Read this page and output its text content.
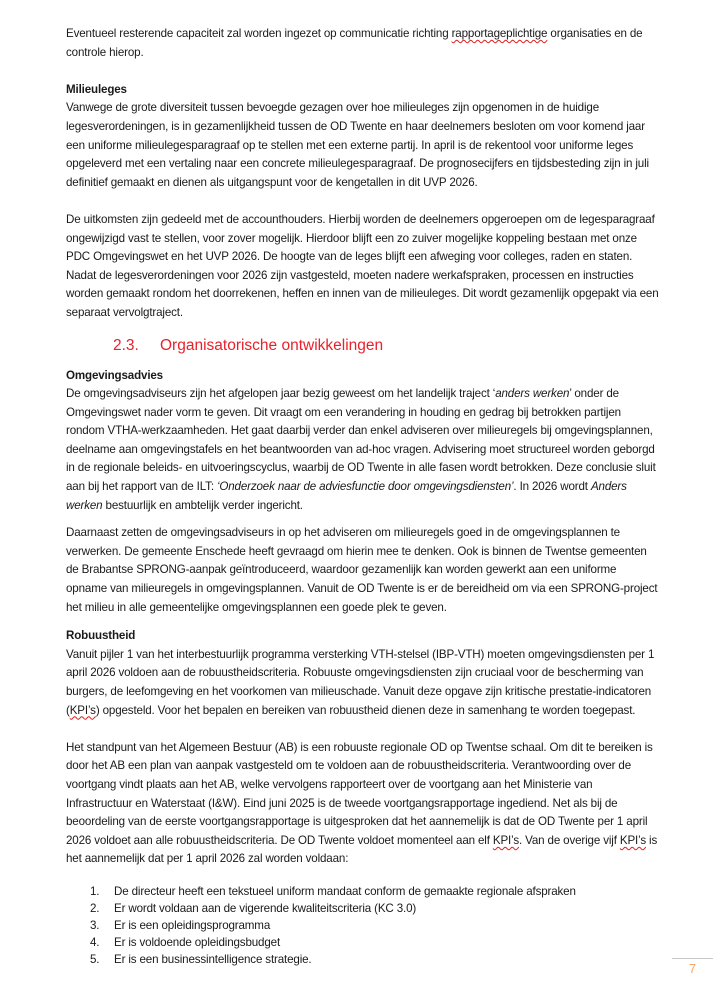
Eventueel resterende capaciteit zal worden ingezet op communicatie richting rapportageplichtige organisaties en de controle hierop.

Milieuleges

Vanwege de grote diversiteit tussen bevoegde gezagen over hoe milieuleges zijn opgenomen in de huidige legesverordeningen, is in gezamenlijkheid tussen de OD Twente en haar deelnemers besloten om voor komend jaar een uniforme milieulegesparagraaf op te stellen met een externe partij. In april is de rekentool voor uniforme leges opgeleverd met een vertaling naar een concrete milieulegesparagraaf. De prognosecijfers en tijdsbesteding zijn in juli definitief gemaakt en dienen als uitgangspunt voor de kengetallen in dit UVP 2026.

De uitkomsten zijn gedeeld met de accounthouders. Hierbij worden de deelnemers opgeroepen om de legesparagraaf ongewijzigd vast te stellen, voor zover mogelijk. Hierdoor blijft een zo zuiver mogelijke koppeling bestaan met onze PDC Omgevingswet en het UVP 2026. De hoogte van de leges blijft een afweging voor colleges, raden en staten. Nadat de legesverordeningen voor 2026 zijn vastgesteld, moeten nadere werkafspraken, processen en instructies worden gemaakt rondom het doorrekenen, heffen en innen van de milieuleges. Dit wordt gezamenlijk opgepakt via een separaat vervolgtraject.

2.3.	Organisatorische ontwikkelingen

Omgevingsadvies

De omgevingsadviseurs zijn het afgelopen jaar bezig geweest om het landelijk traject ‘anders werken’ onder de Omgevingswet nader vorm te geven. Dit vraagt om een verandering in houding en gedrag bij betrokken partijen rondom VTHA-werkzaamheden. Het gaat daarbij verder dan enkel adviseren over milieuregels bij omgevingsplannen, deelname aan omgevingstafels en het beantwoorden van ad-hoc vragen. Advisering moet structureel worden geborgd in de regionale beleids- en uitvoeringscyclus, waarbij de OD Twente in alle fasen wordt betrokken. Deze conclusie sluit aan bij het rapport van de ILT: ‘Onderzoek naar de adviesfunctie door omgevingsdiensten’. In 2026 wordt Anders werken bestuurlijk en ambtelijk verder ingericht.

Daarnaast zetten de omgevingsadviseurs in op het adviseren om milieuregels goed in de omgevingsplannen te verwerken. De gemeente Enschede heeft gevraagd om hierin mee te denken. Ook is binnen de Twentse gemeenten de Brabantse SPRONG-aanpak geïntroduceerd, waardoor gezamenlijk kan worden gewerkt aan een uniforme opname van milieuregels in omgevingsplannen. Vanuit de OD Twente is er de bereidheid om via een SPRONG-project het milieu in alle gemeentelijke omgevingsplannen een goede plek te geven.

Robuustheid

Vanuit pijler 1 van het interbestuurlijk programma versterking VTH-stelsel (IBP-VTH) moeten omgevingsdiensten per 1 april 2026 voldoen aan de robuustheidscriteria. Robuuste omgevingsdiensten zijn cruciaal voor de bescherming van burgers, de leefomgeving en het voorkomen van milieuschade. Vanuit deze opgave zijn kritische prestatie-indicatoren (KPI’s) opgesteld. Voor het bepalen en bereiken van robuustheid dienen deze in samenhang te worden toegepast.

Het standpunt van het Algemeen Bestuur (AB) is een robuuste regionale OD op Twentse schaal. Om dit te bereiken is door het AB een plan van aanpak vastgesteld om te voldoen aan de robuustheidscriteria. Verantwoording over de voortgang vindt plaats aan het AB, welke vervolgens rapporteert over de voortgang aan het Ministerie van Infrastructuur en Waterstaat (I&W). Eind juni 2025 is de tweede voortgangsrapportage ingediend. Net als bij de beoordeling van de eerste voortgangsrapportage is uitgesproken dat het aannemelijk is dat de OD Twente per 1 april 2026 voldoet aan alle robuustheidscriteria. De OD Twente voldoet momenteel aan elf KPI’s. Van de overige vijf KPI’s is het aannemelijk dat per 1 april 2026 zal worden voldaan:

1.	De directeur heeft een tekstueel uniform mandaat conform de gemaakte regionale afspraken
2.	Er wordt voldaan aan de vigerende kwaliteitscriteria (KC 3.0)
3.	Er is een opleidingsprogramma
4.	Er is voldoende opleidingsbudget
5.	Er is een businessintelligence strategie.
7
